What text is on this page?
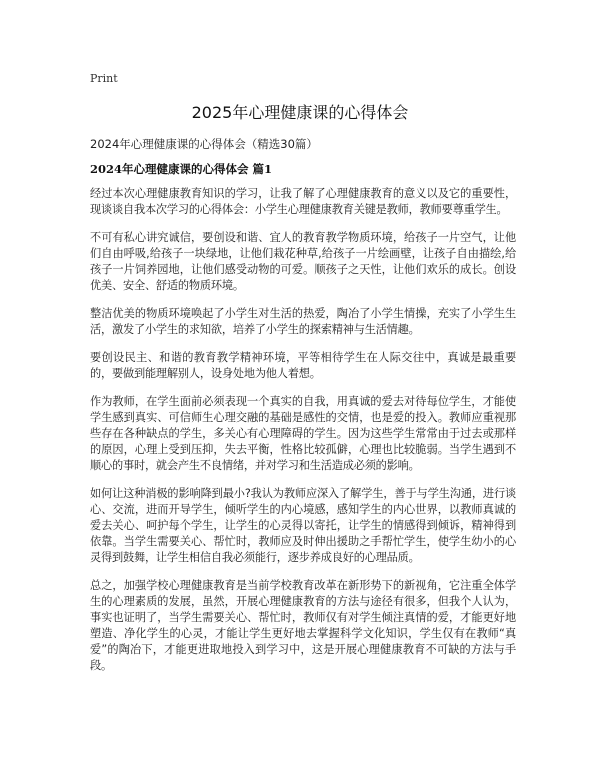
Print
2025年心理健康课的心得体会
2024年心理健康课的心得体会（精选30篇）
2024年心理健康课的心得体会 篇1

经过本次心理健康教育知识的学习，让我了解了心理健康教育的意义以及它的重要性，现谈谈自我本次学习的心得体会：小学生心理健康教育关键是教师，教师要尊重学生。

不可有私心讲究诚信，要创设和谐、宜人的教育教学物质环境，给孩子一片空气，让他们自由呼吸,给孩子一块绿地，让他们栽花种草,给孩子一片绘画壁，让孩子自由描绘,给孩子一片饲养园地，让他们感受动物的可爱。顺孩子之天性，让他们欢乐的成长。创设优美、安全、舒适的物质环境。

整洁优美的物质环境唤起了小学生对生活的热爱，陶冶了小学生情操，充实了小学生生活，激发了小学生的求知欲，培养了小学生的探索精神与生活情趣。

要创设民主、和谐的教育教学精神环境，平等相待学生在人际交往中，真诚是最重要的，要做到能理解别人，设身处地为他人着想。

作为教师，在学生面前必须表现一个真实的自我，用真诚的爱去对待每位学生，才能使学生感到真实、可信师生心理交融的基础是感性的交情，也是爱的投入。教师应重视那些存在各种缺点的学生，多关心有心理障碍的学生。因为这些学生常常由于过去或那样的原因，心理上受到压抑，失去平衡，性格比较孤僻，心理也比较脆弱。当学生遇到不顺心的事时，就会产生不良情绪，并对学习和生活造成必须的影响。

如何让这种消极的影响降到最小?我认为教师应深入了解学生，善于与学生沟通，进行谈心、交流，进而开导学生，倾听学生的内心境感，感知学生的内心世界，以教师真诚的爱去关心、呵护每个学生，让学生的心灵得以寄托，让学生的情感得到倾诉，精神得到依靠。当学生需要关心、帮忙时，教师应及时伸出援助之手帮忙学生，使学生幼小的心灵得到鼓舞，让学生相信自我必须能行，逐步养成良好的心理品质。

总之，加强学校心理健康教育是当前学校教育改革在新形势下的新视角，它注重全体学生的心理素质的发展，虽然，开展心理健康教育的方法与途径有很多，但我个人认为，事实也证明了，当学生需要关心、帮忙时，教师仅有对学生倾注真情的爱，才能更好地塑造、净化学生的心灵，才能让学生更好地去掌握科学文化知识，学生仅有在教师“真爱”的陶冶下，才能更进取地投入到学习中，这是开展心理健康教育不可缺的方法与手段。
